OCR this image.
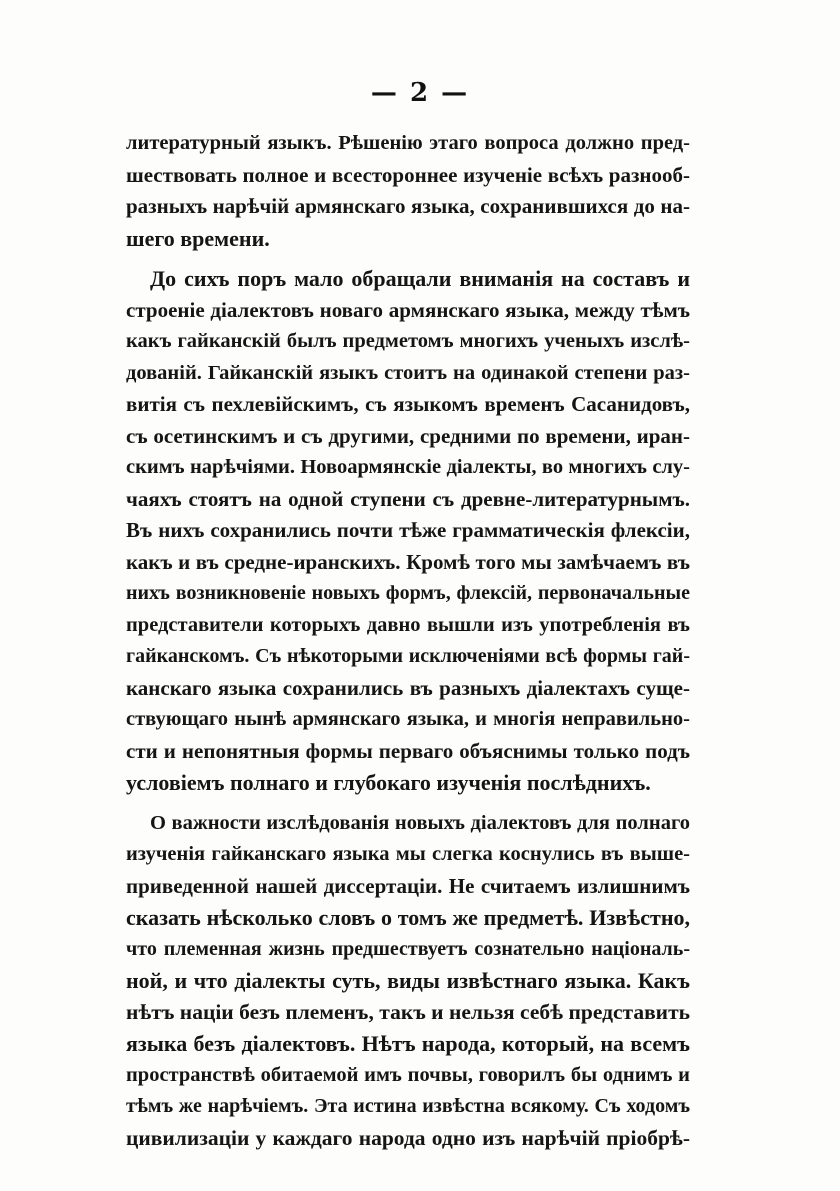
— 2 —
литературный языкъ. Рѣшенію этаго вопроса должно пред-
шествовать полное и всестороннее изученіе всѣхъ разнооб-
разныхъ нарѣчій армянскаго языка, сохранившихся до на-
шего времени.
До сихъ поръ мало обращали вниманія на составъ и
строеніе діалектовъ новаго армянскаго языка, между тѣмъ
какъ гайканскій былъ предметомъ многихъ ученыхъ изслѣ-
дованій. Гайканскій языкъ стоитъ на одинакой степени раз-
витія съ пехлевійскимъ, съ языкомъ временъ Сасанидовъ,
съ осетинскимъ и съ другими, средними по времени, иран-
скимъ нарѣчіями. Новоармянскіе діалекты, во многихъ слу-
чаяхъ стоятъ на одной ступени съ древне-литературнымъ.
Въ нихъ сохранились почти тѣже грамматическія флексіи,
какъ и въ средне-иранскихъ. Кромѣ того мы замѣчаемъ въ
нихъ возникновеніе новыхъ формъ, флексій, первоначальные
представители которыхъ давно вышли изъ употребленія въ
гайканскомъ. Съ нѣкоторыми исключеніями всѣ формы гай-
канскаго языка сохранились въ разныхъ діалектахъ суще-
ствующаго нынѣ армянскаго языка, и многія неправильно-
сти и непонятныя формы перваго объяснимы только подъ
условіемъ полнаго и глубокаго изученія послѣднихъ.
О важности изслѣдованія новыхъ діалектовъ для полнаго
изученія гайканскаго языка мы слегка коснулись въ выше-
приведенной нашей диссертаціи. Не считаемъ излишнимъ
сказать нѣсколько словъ о томъ же предметѣ. Извѣстно,
что племенная жизнь предшествуетъ сознательно національ-
ной, и что діалекты суть, виды извѣстнаго языка. Какъ
нѣтъ націи безъ племенъ, такъ и нельзя себѣ представить
языка безъ діалектовъ. Нѣтъ народа, который, на всемъ
пространствѣ обитаемой имъ почвы, говорилъ бы однимъ и
тѣмъ же нарѣчіемъ. Эта истина извѣстна всякому. Съ ходомъ
цивилизаціи у каждаго народа одно изъ нарѣчій пріобрѣ-
